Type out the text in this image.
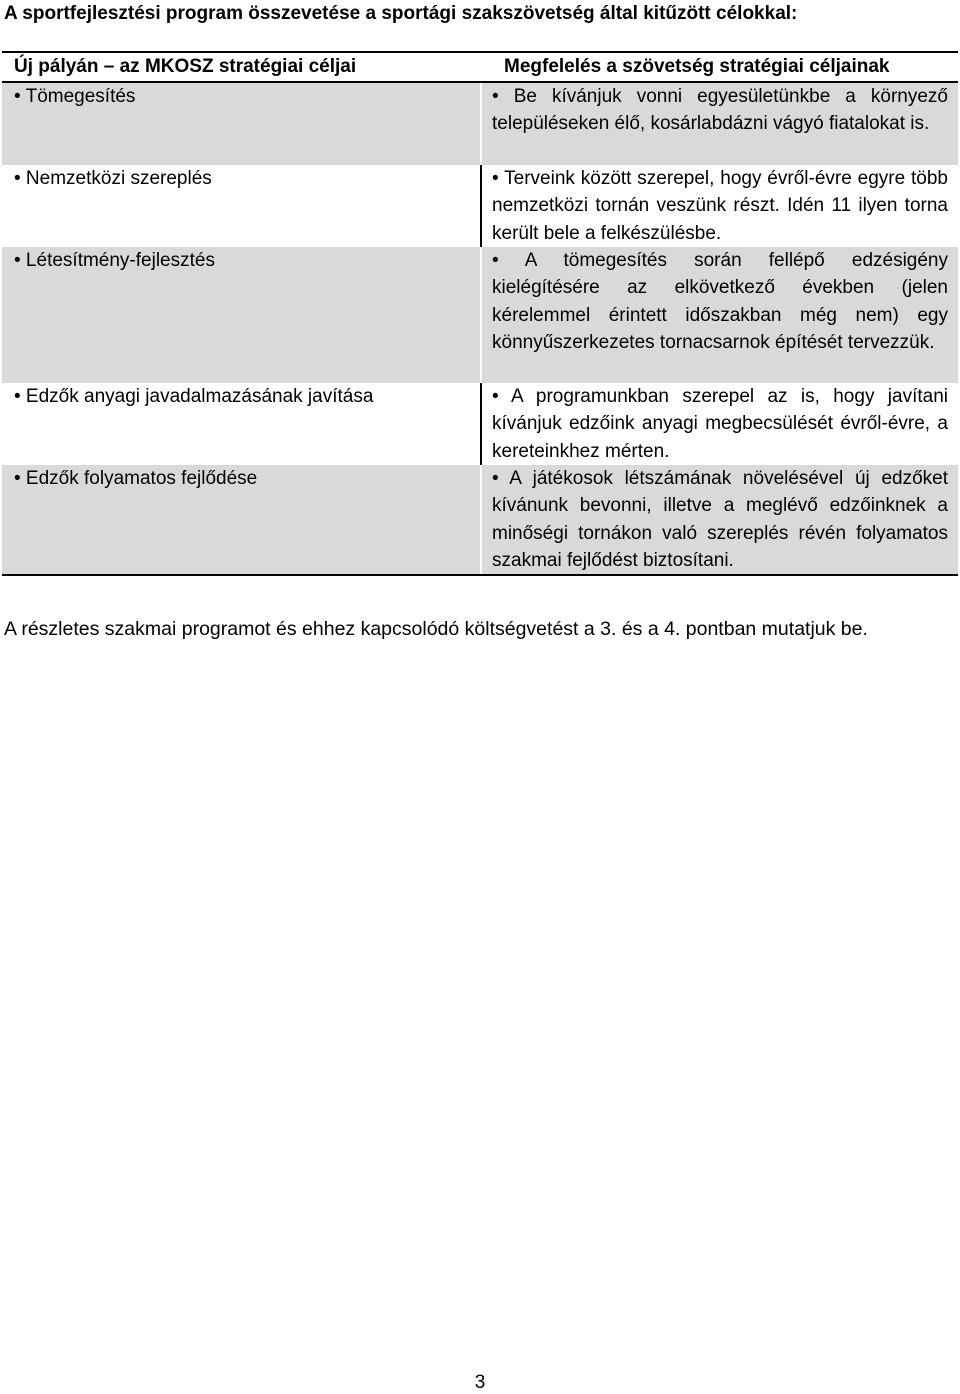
A sportfejlesztési program összevetése a sportági szakszövetség által kitűzött célokkal:
Új pályán – az MKOSZ stratégiai céljai	Megfelelés a szövetség stratégiai céljainak
• Tömegesítés	• Be kívánjuk vonni egyesületünkbe a környező településeken élő, kosárlabdázni vágyó fiatalokat is.
• Nemzetközi szereplés	• Terveink között szerepel, hogy évről-évre egyre több nemzetközi tornán veszünk részt. Idén 11 ilyen torna került bele a felkészülésbe.
• Létesítmény-fejlesztés	• A tömegesítés során fellépő edzésigény kielégítésére az elkövetkező években (jelen kérelemmel érintett időszakban még nem) egy könnyűszerkezetes tornacsarnok építését tervezzük.
• Edzők anyagi javadalmazásának javítása	• A programunkban szerepel az is, hogy javítani kívánjuk edzőink anyagi megbecsülését évről-évre, a kereteinkhez mérten.
• Edzők folyamatos fejlődése	• A játékosok létszámának növelésével új edzőket kívánunk bevonni, illetve a meglévő edzőinknek a minőségi tornákon való szereplés révén folyamatos szakmai fejlődést biztosítani.
A részletes szakmai programot és ehhez kapcsolódó költségvetést a 3. és a 4. pontban mutatjuk be.
3
